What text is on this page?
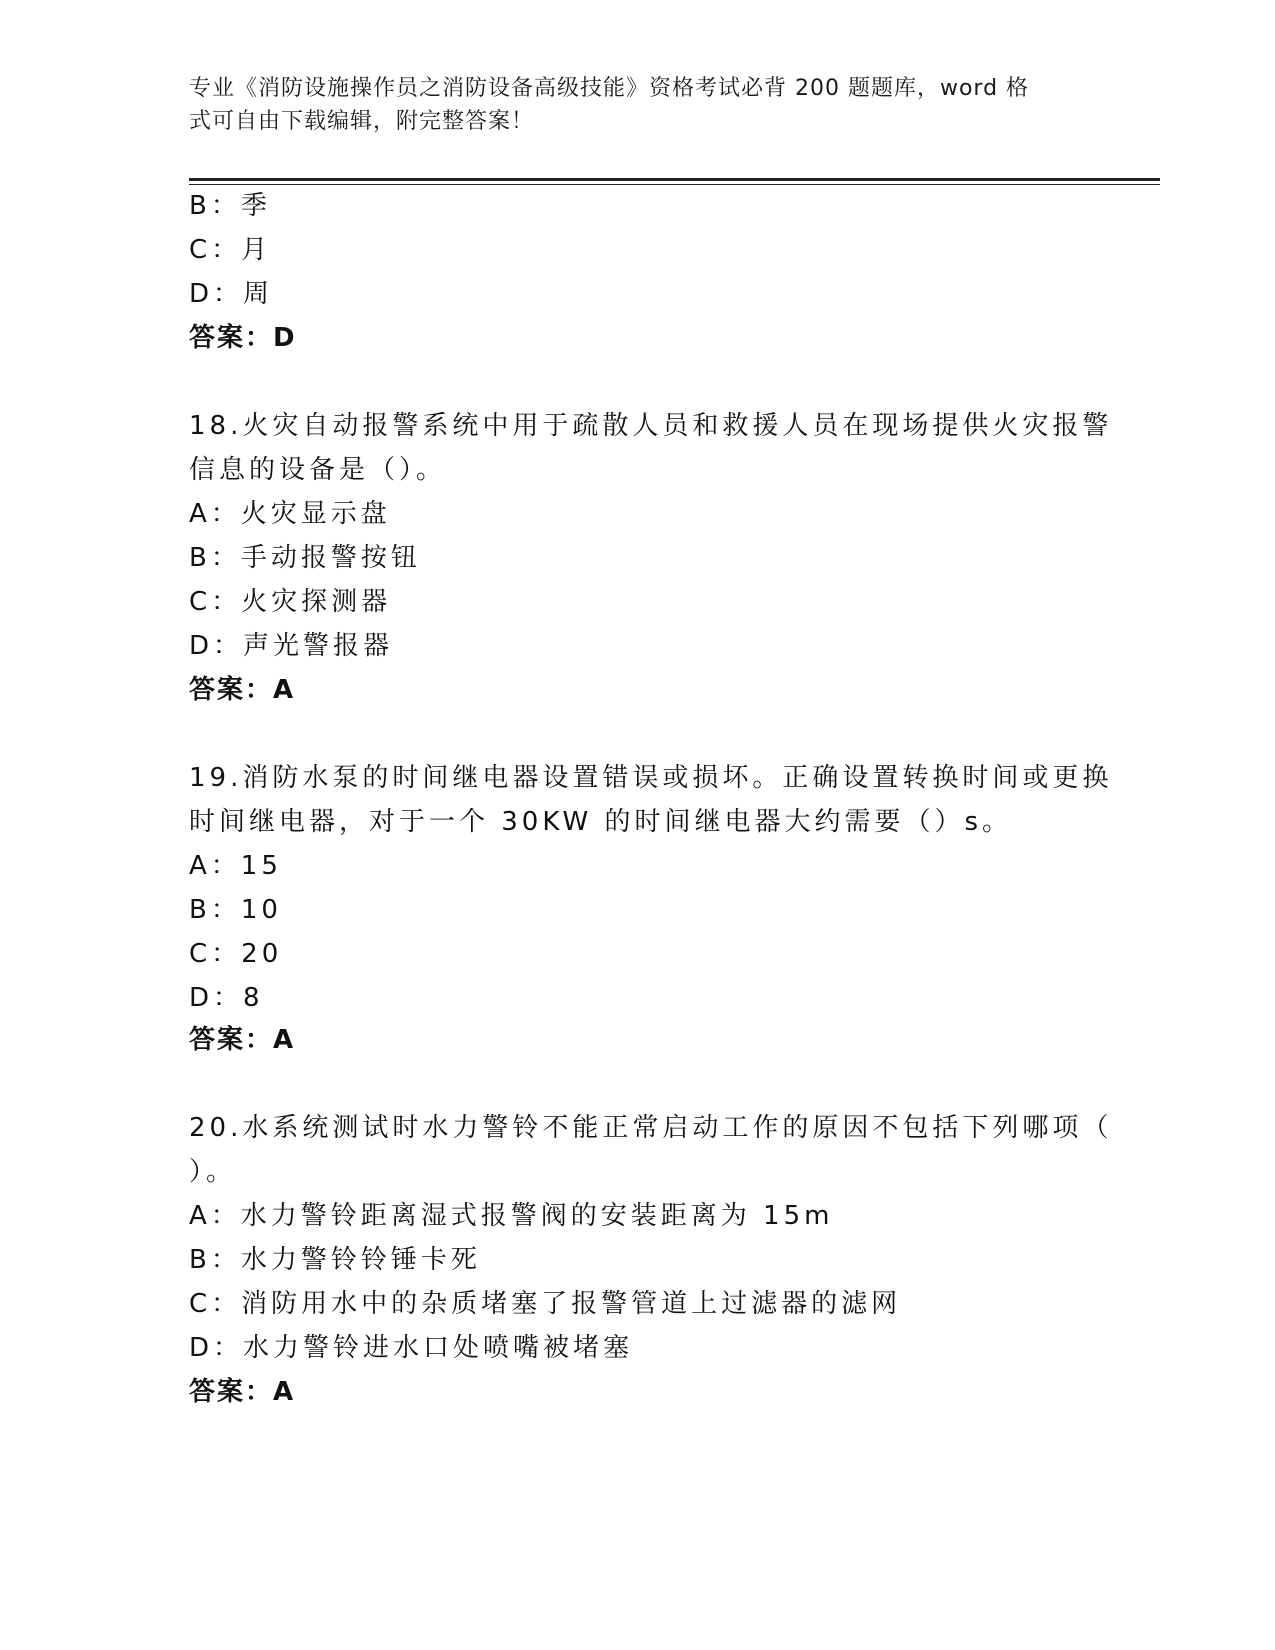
专业《消防设施操作员之消防设备高级技能》资格考试必背 200 题题库，word 格
式可自由下载编辑，附完整答案！
B：季
C：月
D：周
答案：D
18.火灾自动报警系统中用于疏散人员和救援人员在现场提供火灾报警
信息的设备是（）。
A：火灾显示盘
B：手动报警按钮
C：火灾探测器
D：声光警报器
答案：A
19.消防水泵的时间继电器设置错误或损坏。正确设置转换时间或更换
时间继电器，对于一个 30KW 的时间继电器大约需要（）s。
A：15
B：10
C：20
D：8
答案：A
20.水系统测试时水力警铃不能正常启动工作的原因不包括下列哪项（
）。
A：水力警铃距离湿式报警阀的安装距离为 15m
B：水力警铃铃锤卡死
C：消防用水中的杂质堵塞了报警管道上过滤器的滤网
D：水力警铃进水口处喷嘴被堵塞
答案：A
